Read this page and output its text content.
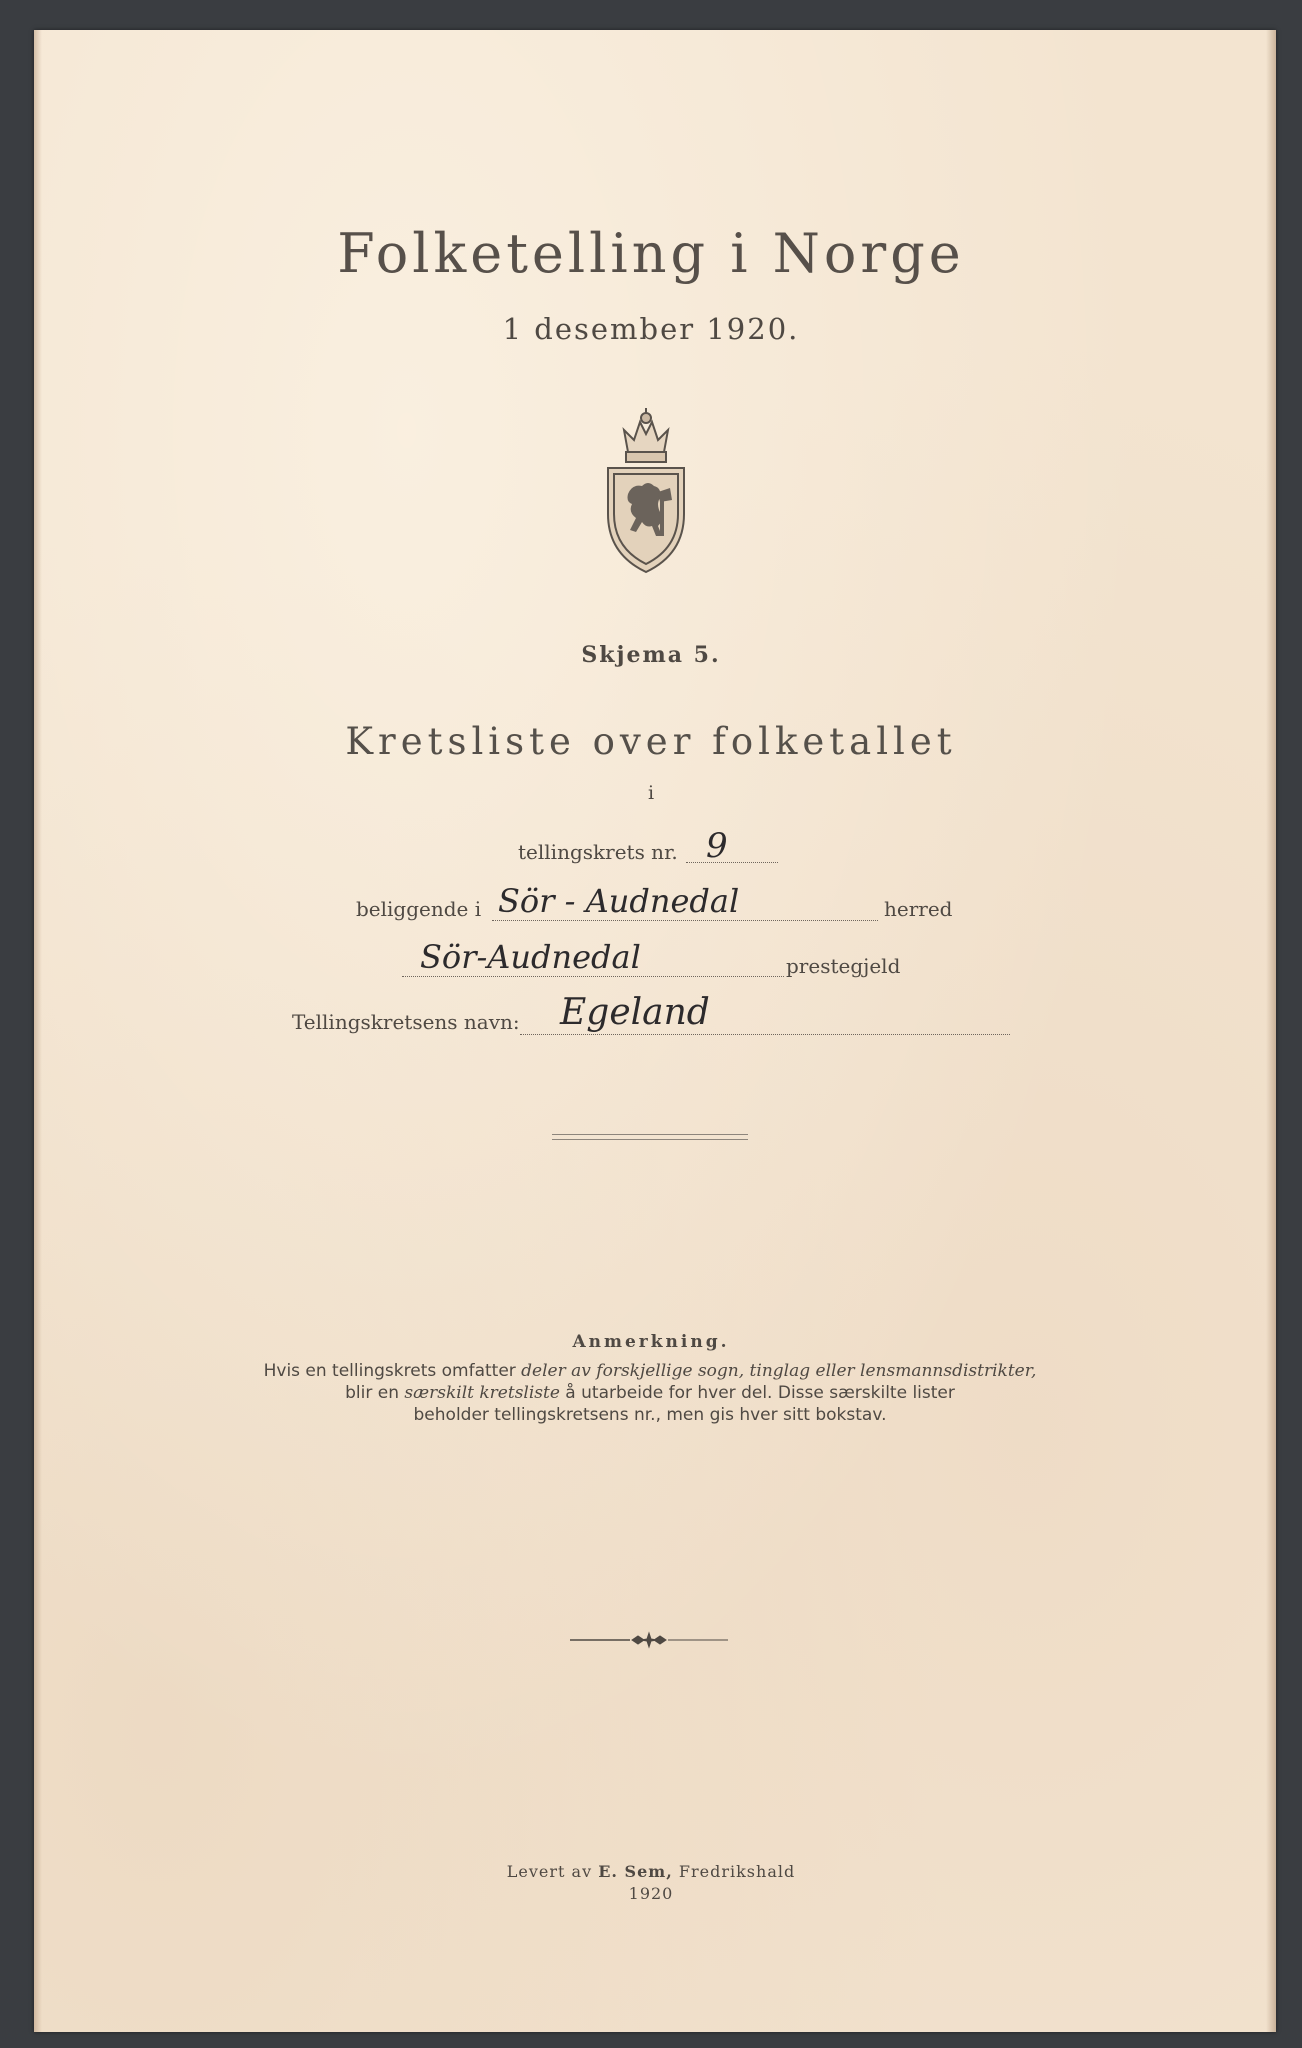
Folketelling i Norge
1 desember 1920.
Skjema 5.
Kretsliste over folketallet
i
tellingskrets nr. 9
beliggende i Sör - Audnedal	herred
Sör-Audnedal	prestegjeld
Tellingskretsens navn: Egeland
Anmerkning.
Hvis en tellingskrets omfatter deler av forskjellige sogn, tinglag eller lensmannsdistrikter,
blir en særskilt kretsliste å utarbeide for hver del. Disse særskilte lister
beholder tellingskretsens nr., men gis hver sitt bokstav.
Levert av E. Sem, Fredrikshald
1920
